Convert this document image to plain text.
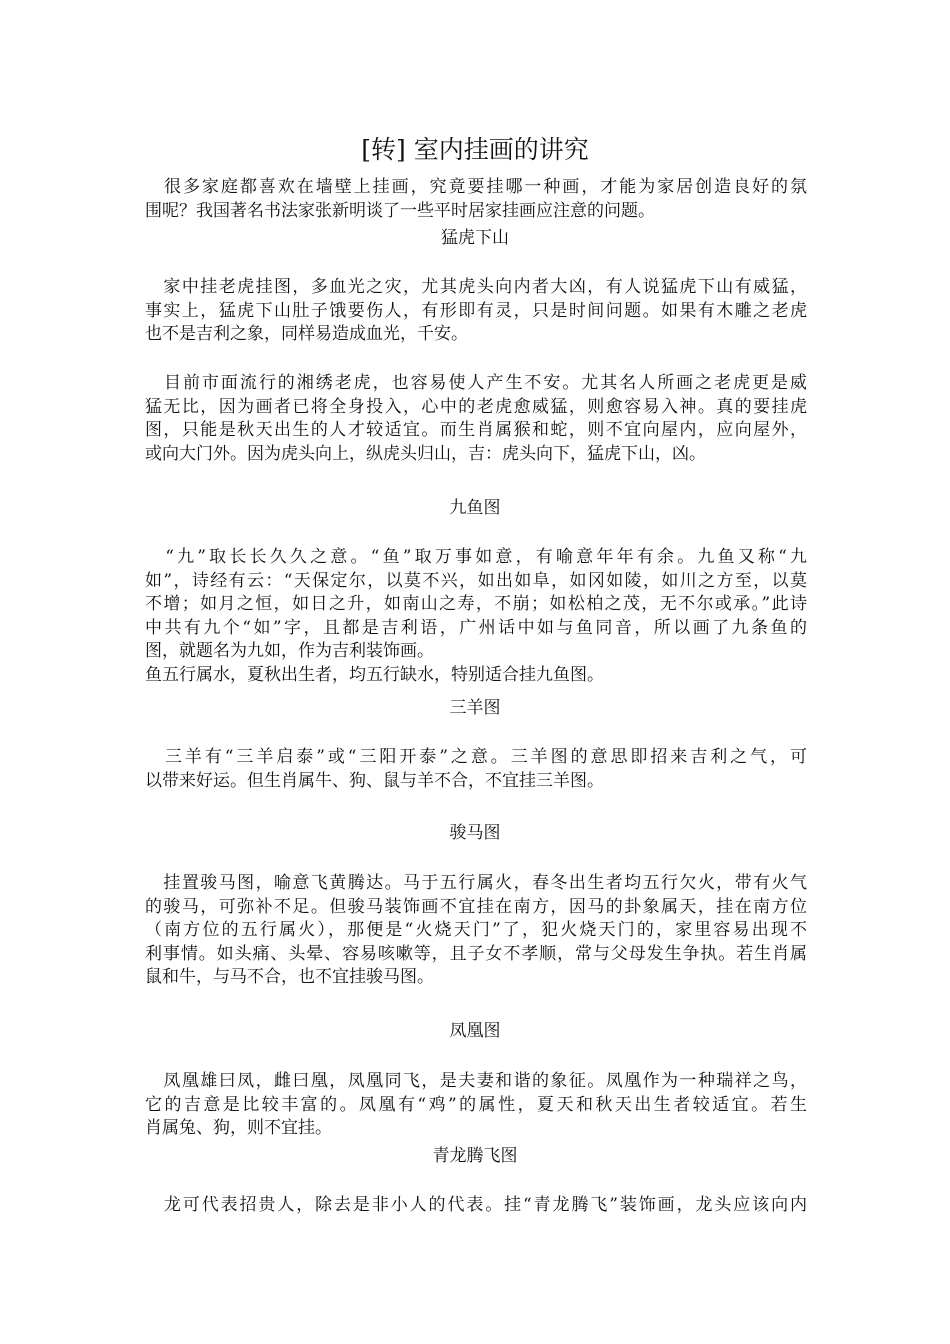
[转] 室内挂画的讲究

　很多家庭都喜欢在墙壁上挂画，究竟要挂哪一种画，才能为家居创造良好的氛
围呢？我国著名书法家张新明谈了一些平时居家挂画应注意的问题。

猛虎下山

　家中挂老虎挂图，多血光之灾，尤其虎头向内者大凶，有人说猛虎下山有威猛，
事实上，猛虎下山肚子饿要伤人，有形即有灵，只是时间问题。如果有木雕之老虎
也不是吉利之象，同样易造成血光，千安。

　目前市面流行的湘绣老虎，也容易使人产生不安。尤其名人所画之老虎更是威
猛无比，因为画者已将全身投入，心中的老虎愈威猛，则愈容易入神。真的要挂虎
图，只能是秋天出生的人才较适宜。而生肖属猴和蛇，则不宜向屋内，应向屋外，
或向大门外。因为虎头向上，纵虎头归山，吉：虎头向下，猛虎下山，凶。

九鱼图

　“九”取长长久久之意。“鱼”取万事如意，有喻意年年有余。九鱼又称“九
如”，诗经有云：“天保定尔，以莫不兴，如出如阜，如冈如陵，如川之方至，以莫
不增；如月之恒，如日之升，如南山之寿，不崩；如松柏之茂，无不尔或承。”此诗
中共有九个“如”字，且都是吉利语，广州话中如与鱼同音，所以画了九条鱼的
图，就题名为九如，作为吉利装饰画。
鱼五行属水，夏秋出生者，均五行缺水，特别适合挂九鱼图。

三羊图

　三羊有“三羊启泰”或“三阳开泰”之意。三羊图的意思即招来吉利之气，可
以带来好运。但生肖属牛、狗、鼠与羊不合，不宜挂三羊图。

骏马图

　挂置骏马图，喻意飞黄腾达。马于五行属火，春冬出生者均五行欠火，带有火气
的骏马，可弥补不足。但骏马装饰画不宜挂在南方，因马的卦象属天，挂在南方位
（南方位的五行属火），那便是“火烧天门”了，犯火烧天门的，家里容易出现不
利事情。如头痛、头晕、容易咳嗽等，且子女不孝顺，常与父母发生争执。若生肖属
鼠和牛，与马不合，也不宜挂骏马图。

凤凰图

　凤凰雄曰凤，雌曰凰，凤凰同飞，是夫妻和谐的象征。凤凰作为一种瑞祥之鸟，
它的吉意是比较丰富的。凤凰有“鸡”的属性，夏天和秋天出生者较适宜。若生
肖属兔、狗，则不宜挂。

青龙腾飞图

　龙可代表招贵人，除去是非小人的代表。挂“青龙腾飞”装饰画，龙头应该向内
